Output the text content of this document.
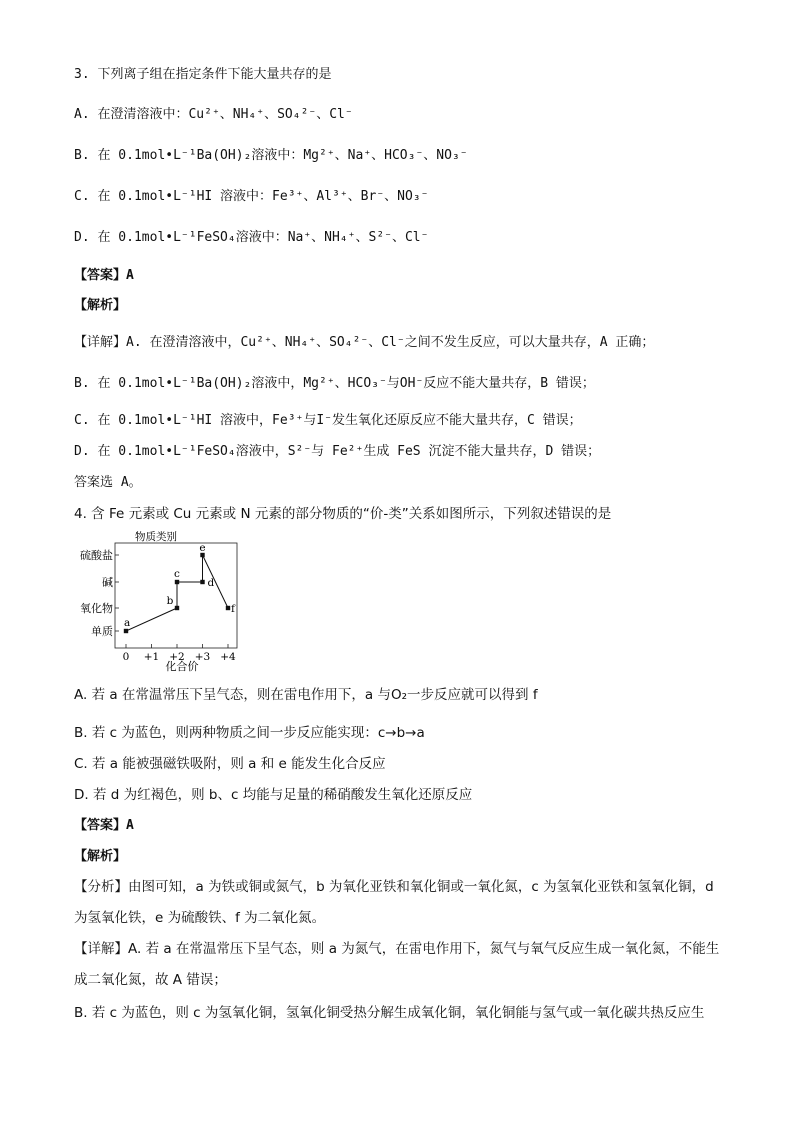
3. 下列离子组在指定条件下能大量共存的是
A. 在澄清溶液中：Cu²⁺、NH₄⁺、SO₄²⁻、Cl⁻
B. 在 0.1mol•L⁻¹Ba(OH)₂溶液中：Mg²⁺、Na⁺、HCO₃⁻、NO₃⁻
C. 在 0.1mol•L⁻¹HI 溶液中：Fe³⁺、Al³⁺、Br⁻、NO₃⁻
D. 在 0.1mol•L⁻¹FeSO₄溶液中：Na⁺、NH₄⁺、S²⁻、Cl⁻
【答案】A
【解析】
【详解】A. 在澄清溶液中，Cu²⁺、NH₄⁺、SO₄²⁻、Cl⁻之间不发生反应，可以大量共存，A 正确；
B. 在 0.1mol•L⁻¹Ba(OH)₂溶液中，Mg²⁺、HCO₃⁻与OH⁻反应不能大量共存，B 错误；
C. 在 0.1mol•L⁻¹HI 溶液中，Fe³⁺与I⁻发生氧化还原反应不能大量共存，C 错误；
D. 在 0.1mol•L⁻¹FeSO₄溶液中，S²⁻与 Fe²⁺生成 FeS 沉淀不能大量共存，D 错误；
答案选 A。
4. 含 Fe 元素或 Cu 元素或 N 元素的部分物质的“价-类”关系如图所示，下列叙述错误的是
物质类别
单质
氧化物
碱
硫酸盐
0 +1 +2 +3 +4
a
b
c
d
e
f
化合价
A. 若 a 在常温常压下呈气态，则在雷电作用下，a 与O₂一步反应就可以得到 f
B. 若 c 为蓝色，则两种物质之间一步反应能实现：c→b→a
C. 若 a 能被强磁铁吸附，则 a 和 e 能发生化合反应
D. 若 d 为红褐色，则 b、c 均能与足量的稀硝酸发生氧化还原反应
【答案】A
【解析】
【分析】由图可知，a 为铁或铜或氮气，b 为氧化亚铁和氧化铜或一氧化氮，c 为氢氧化亚铁和氢氧化铜，d 为氢氧化铁，e 为硫酸铁、f 为二氧化氮。
【详解】A. 若 a 在常温常压下呈气态，则 a 为氮气，在雷电作用下，氮气与氧气反应生成一氧化氮，不能生成二氧化氮，故 A 错误；
B. 若 c 为蓝色，则 c 为氢氧化铜，氢氧化铜受热分解生成氧化铜，氧化铜能与氢气或一氧化碳共热反应生
